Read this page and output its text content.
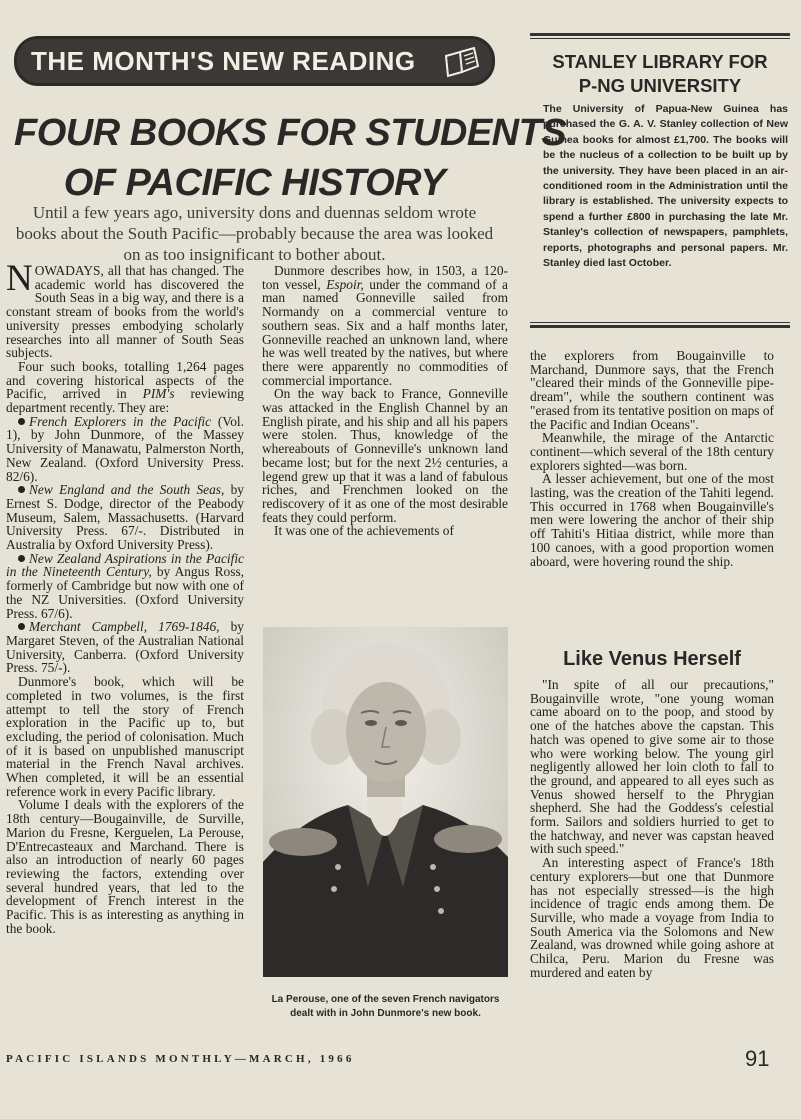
THE MONTH'S NEW READING
FOUR BOOKS FOR STUDENTS
OF PACIFIC HISTORY
Until a few years ago, university dons and duennas seldom wrote books about the South Pacific—probably because the area was looked on as too insignificant to bother about.

NOWADAYS, all that has changed. The academic world has discovered the South Seas in a big way, and there is a constant stream of books from the world's university presses embodying scholarly researches into all manner of South Seas subjects.

Four such books, totalling 1,264 pages and covering historical aspects of the Pacific, arrived in PIM's reviewing department recently. They are:

French Explorers in the Pacific (Vol. 1), by John Dunmore, of the Massey University of Manawatu, Palmerston North, New Zealand. (Oxford University Press. 82/6).

New England and the South Seas, by Ernest S. Dodge, director of the Peabody Museum, Salem, Massachusetts. (Harvard University Press. 67/-. Distributed in Australia by Oxford University Press).

New Zealand Aspirations in the Pacific in the Nineteenth Century, by Angus Ross, formerly of Cambridge but now with one of the NZ Universities. (Oxford University Press. 67/6).

Merchant Campbell, 1769-1846, by Margaret Steven, of the Australian National University, Canberra. (Oxford University Press. 75/-).

Dunmore's book, which will be completed in two volumes, is the first attempt to tell the story of French exploration in the Pacific up to, but excluding, the period of colonisation. Much of it is based on unpublished manuscript material in the French Naval archives. When completed, it will be an essential reference work in every Pacific library.

Volume I deals with the explorers of the 18th century—Bougainville, de Surville, Marion du Fresne, Kerguelen, La Perouse, D'Entrecasteaux and Marchand. There is also an introduction of nearly 60 pages reviewing the factors, extending over several hundred years, that led to the development of French interest in the Pacific. This is as interesting as anything in the book.

Dunmore describes how, in 1503, a 120-ton vessel, Espoir, under the command of a man named Gonneville sailed from Normandy on a commercial venture to southern seas. Six and a half months later, Gonneville reached an unknown land, where he was well treated by the natives, but where there were apparently no commodities of commercial importance.

On the way back to France, Gonneville was attacked in the English Channel by an English pirate, and his ship and all his papers were stolen. Thus, knowledge of the whereabouts of Gonneville's unknown land became lost; but for the next 2½ centuries, a legend grew up that it was a land of fabulous riches, and Frenchmen looked on the rediscovery of it as one of the most desirable feats they could perform.

It was one of the achievements of

La Perouse, one of the seven French navigators dealt with in John Dunmore's new book.
STANLEY LIBRARY FOR
P-NG UNIVERSITY
The University of Papua-New Guinea has purchased the G. A. V. Stanley collection of New Guinea books for almost £1,700. The books will be the nucleus of a collection to be built up by the university. They have been placed in an air-conditioned room in the Administration until the library is established. The university expects to spend a further £800 in purchasing the late Mr. Stanley's collection of newspapers, pamphlets, reports, photographs and personal papers. Mr. Stanley died last October.

the explorers from Bougainville to Marchand, Dunmore says, that the French "cleared their minds of the Gonneville pipe-dream", while the southern continent was "erased from its tentative position on maps of the Pacific and Indian Oceans".

Meanwhile, the mirage of the Antarctic continent—which several of the 18th century explorers sighted—was born.

A lesser achievement, but one of the most lasting, was the creation of the Tahiti legend. This occurred in 1768 when Bougainville's men were lowering the anchor of their ship off Tahiti's Hitiaa district, while more than 100 canoes, with a good proportion women aboard, were hovering round the ship.

Like Venus Herself

"In spite of all our precautions," Bougainville wrote, "one young woman came aboard on to the poop, and stood by one of the hatches above the capstan. This hatch was opened to give some air to those who were working below. The young girl negligently allowed her loin cloth to fall to the ground, and appeared to all eyes such as Venus showed herself to the Phrygian shepherd. She had the Goddess's celestial form. Sailors and soldiers hurried to get to the hatchway, and never was capstan heaved with such speed."

An interesting aspect of France's 18th century explorers—but one that Dunmore has not especially stressed—is the high incidence of tragic ends among them. De Surville, who made a voyage from India to South America via the Solomons and New Zealand, was drowned while going ashore at Chilca, Peru. Marion du Fresne was murdered and eaten by

PACIFIC ISLANDS MONTHLY—MARCH, 1966	91
